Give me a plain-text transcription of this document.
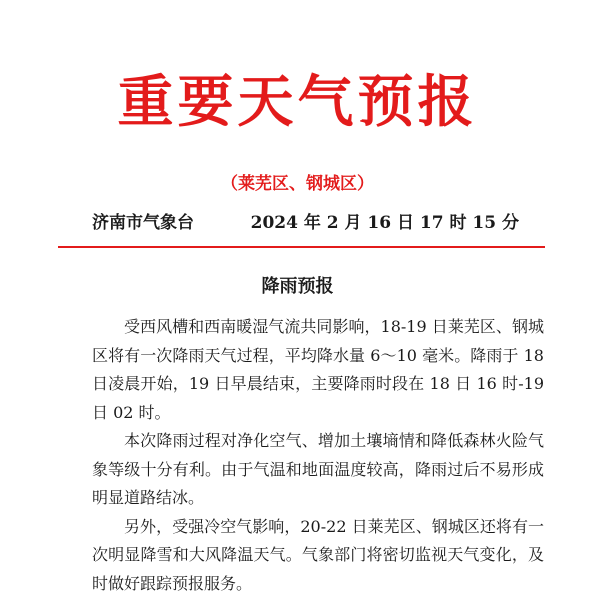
重要天气预报
（莱芜区、钢城区）
济南市气象台	2024 年 2 月 16 日 17 时 15 分
降雨预报

受西风槽和西南暖湿气流共同影响，18-19 日莱芜区、钢城区将有一次降雨天气过程，平均降水量 6～10 毫米。降雨于 18 日凌晨开始，19 日早晨结束，主要降雨时段在 18 日 16 时-19 日 02 时。

本次降雨过程对净化空气、增加土壤墒情和降低森林火险气象等级十分有利。由于气温和地面温度较高，降雨过后不易形成明显道路结冰。

另外，受强冷空气影响，20-22 日莱芜区、钢城区还将有一次明显降雪和大风降温天气。气象部门将密切监视天气变化，及时做好跟踪预报服务。
